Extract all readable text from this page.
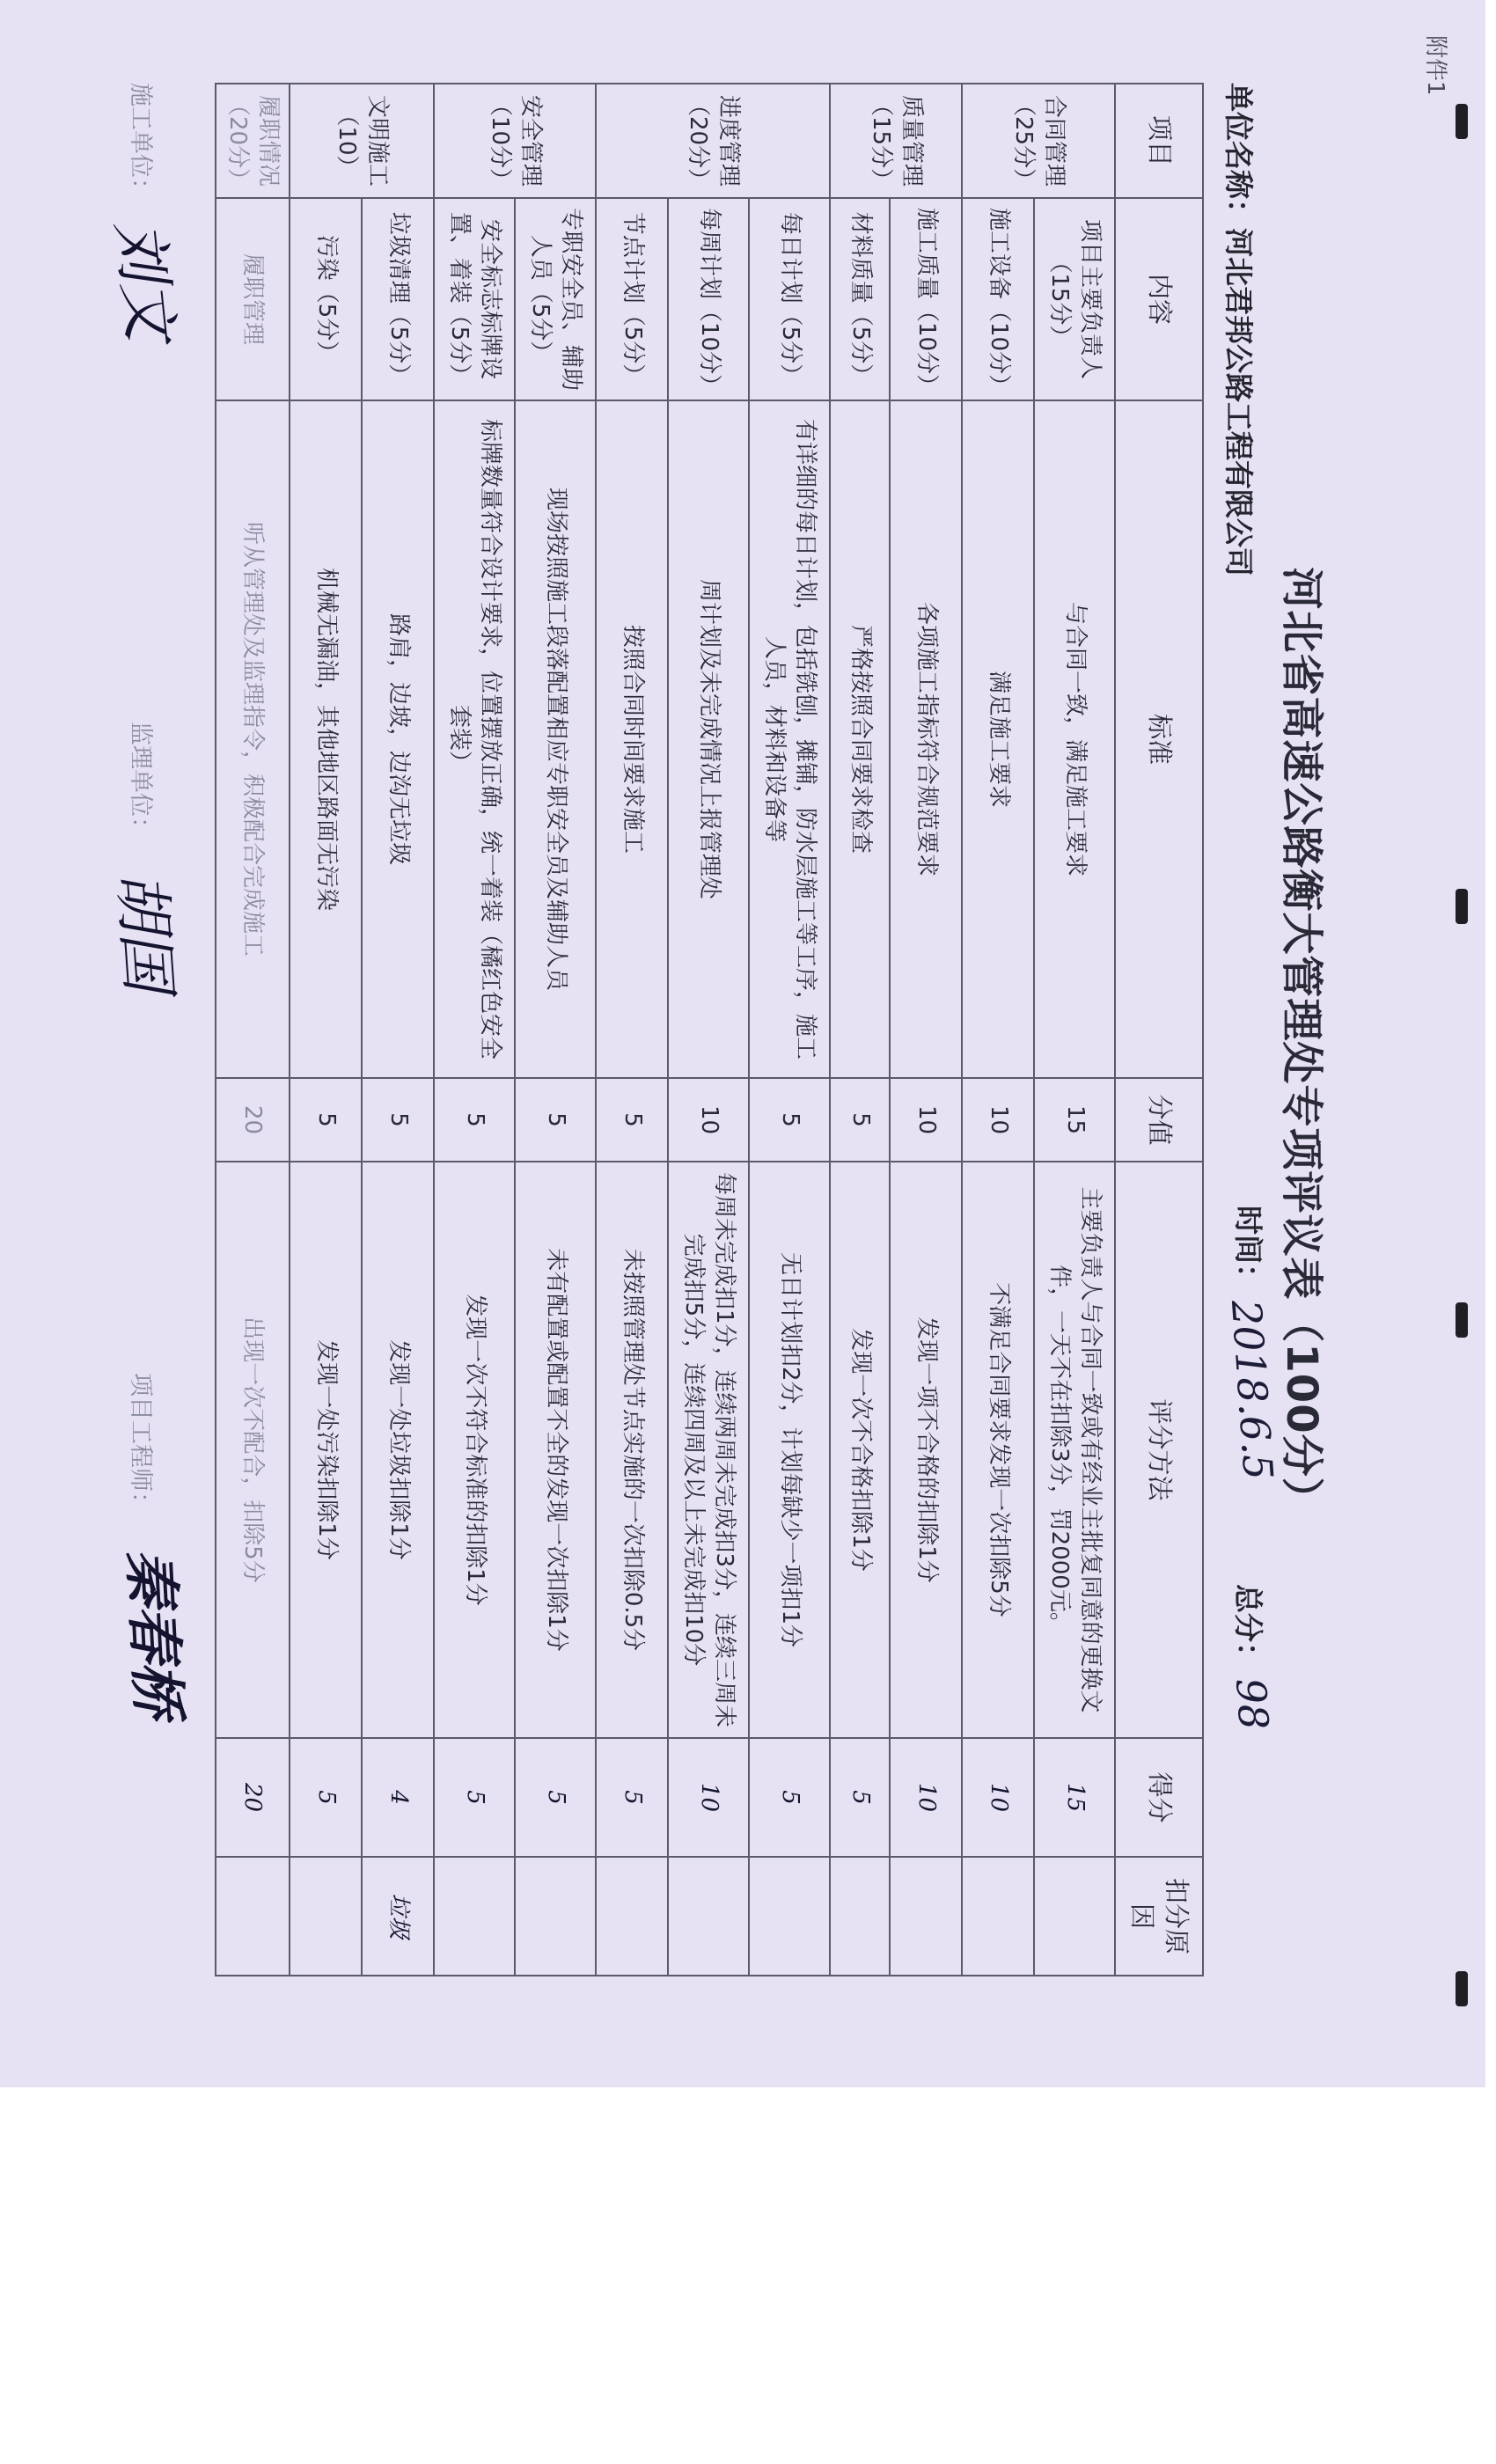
附件1
河北省高速公路衡大管理处专项评议表（100分）
单位名称：河北君邦公路工程有限公司
时间：2018.6.5
总分：98
项目	内容	标准	分值	评分方法	得分	扣分原因
合同管理（25分）	项目主要负责人（15分）	与合同一致，满足施工要求	15	主要负责人与合同一致或有经业主批复同意的更换文件，一天不在扣除3分，罚2000元。	15	
	施工设备（10分）	满足施工要求	10	不满足合同要求发现一次扣除5分	10	
质量管理（15分）	施工质量（10分）	各项施工指标符合规范要求	10	发现一项不合格的扣除1分	10	
	材料质量（5分）	严格按照合同要求检查	5	发现一次不合格扣除1分	5	
进度管理（20分）	每日计划（5分）	有详细的每日计划，包括铣刨，摊铺，防水层施工等工序，施工人员，材料和设备等	5	无日计划扣2分，计划每缺少一项扣1分	5	
	每周计划（10分）	周计划及未完成情况上报管理处	10	每周未完成扣1分，连续两周未完成扣3分，连续三周未完成扣5分，连续四周及以上未完成扣10分	10	
	节点计划（5分）	按照合同时间要求施工	5	未按照管理处节点实施的一次扣除0.5分	5	
安全管理（10分）	专职安全员、辅助人员（5分）	现场按照施工段落配置相应专职安全员及辅助人员	5	未有配置或配置不全的发现一次扣除1分	5	
	安全标志标牌设置、着装（5分）	标牌数量符合设计要求，位置摆放正确，统一着装（橘红色安全套装）	5	发现一次不符合标准的扣除1分	5	
文明施工（10）	垃圾清理（5分）	路肩，边坡，边沟无垃圾	5	发现一处垃圾扣除1分	4	垃圾
	污染（5分）	机械无漏油，其他地区路面无污染	5	发现一处污染扣除1分	5	
履职情况（20分）	履职管理	听从管理处及监理指令，积极配合完成施工	20	出现一次不配合，扣除5分	20	
施工单位：
刘文
监理单位：
胡国
项目工程师：
秦春桥
